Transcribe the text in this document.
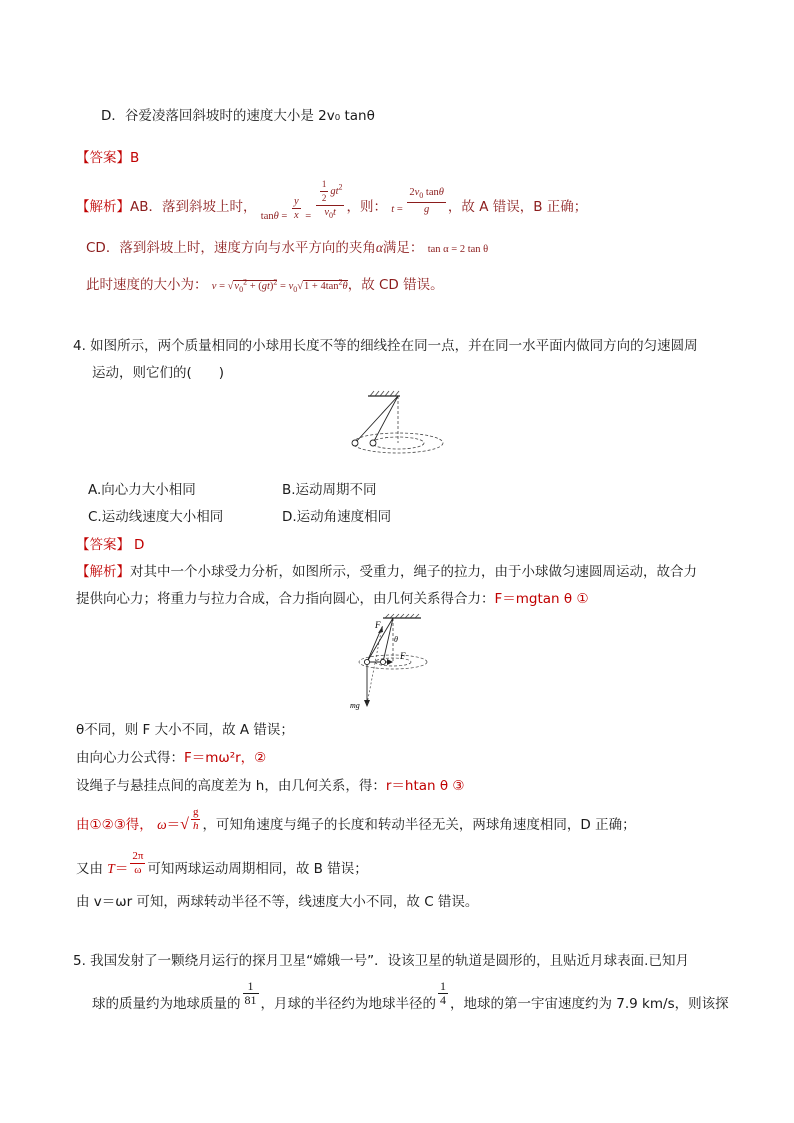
D．谷爱凌落回斜坡时的速度大小是 2v₀ tanθ
【答案】B
【解析】AB．落到斜坡上时， $\tan\theta = \frac{y}{x} = \frac{\frac{1}{2} gt^2}{v_0t}$ ，则： $t = \frac{2v_0 \tan\theta}{g}$ ，故 A 错误，B 正确；
CD．落到斜坡上时，速度方向与水平方向的夹角α满足： tan α = 2 tan θ
此时速度的大小为： $v = √v_0^2 + (gt)^2 = v_0√1 + 4\tan^2\theta$，故 CD 错误。
4. 如图所示，两个质量相同的小球用长度不等的细线拴在同一点，并在同一水平面内做同方向的匀速圆周
运动，则它们的(　　)
A.向心力大小相同	B.运动周期不同
C.运动线速度大小相同	D.运动角速度相同
【答案】 D
【解析】对其中一个小球受力分析，如图所示，受重力，绳子的拉力，由于小球做匀速圆周运动，故合力
提供向心力；将重力与拉力合成，合力指向圆心，由几何关系得合力：F＝mgtan θ ①
F₁
θ
F
mg
θ不同，则 F 大小不同，故 A 错误；
由向心力公式得：F＝mω²r，②
设绳子与悬挂点间的高度差为 h，由几何关系，得：r＝htan θ ③
由①②③得， $\omega=√ \frac{g}{h}$ ，可知角速度与绳子的长度和转动半径无关，两球角速度相同，D 正确；
又由 $T= \frac{2\pi}{\omega}$ 可知两球运动周期相同，故 B 错误；
由 v＝ωr 可知，两球转动半径不等，线速度大小不同，故 C 错误。
5. 我国发射了一颗绕月运行的探月卫星“嫦娥一号”．设该卫星的轨道是圆形的，且贴近月球表面.已知月
球的质量约为地球质量的 $\frac{1}{81}$ ，月球的半径约为地球半径的 $\frac{1}{4}$ ，地球的第一宇宙速度约为 7.9 km/s，则该探
